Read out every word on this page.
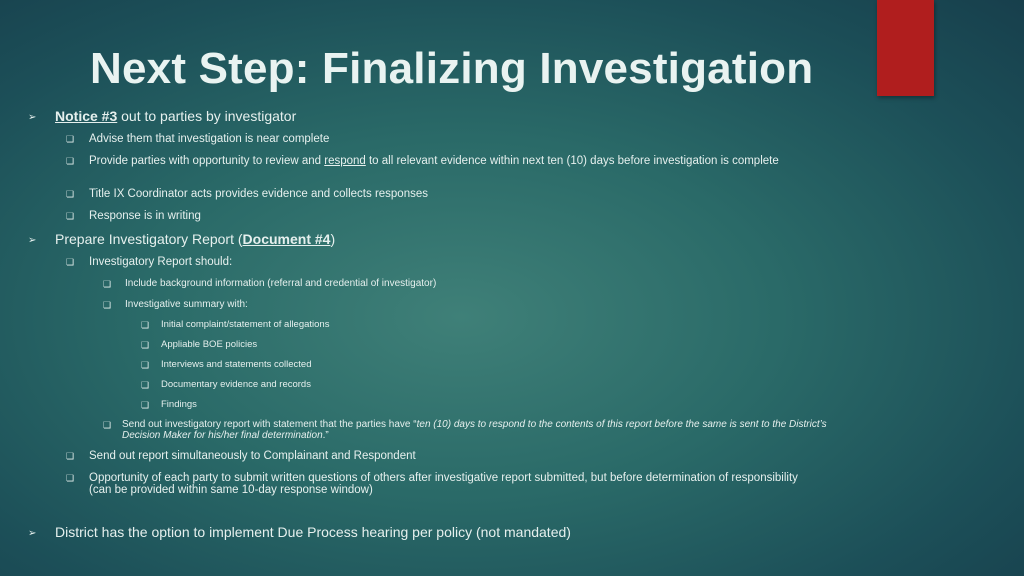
Next Step: Finalizing Investigation
➢ Notice #3 out to parties by investigator
❏ Advise them that investigation is near complete
❏ Provide parties with opportunity to review and respond to all relevant evidence within next ten (10) days before investigation is complete
❏ Title IX Coordinator acts provides evidence and collects responses
❏ Response is in writing
➢ Prepare Investigatory Report (Document #4)
❏ Investigatory Report should:
❏ Include background information (referral and credential of investigator)
❏ Investigative summary with:
❏ Initial complaint/statement of allegations
❏ Appliable BOE policies
❏ Interviews and statements collected
❏ Documentary evidence and records
❏ Findings
❏ Send out investigatory report with statement that the parties have “ten (10) days to respond to the contents of this report before the same is sent to the District’s Decision Maker for his/her final determination.”
❏ Send out report simultaneously to Complainant and Respondent
❏ Opportunity of each party to submit written questions of others after investigative report submitted, but before determination of responsibility (can be provided within same 10-day response window)
➢ District has the option to implement Due Process hearing per policy (not mandated)
